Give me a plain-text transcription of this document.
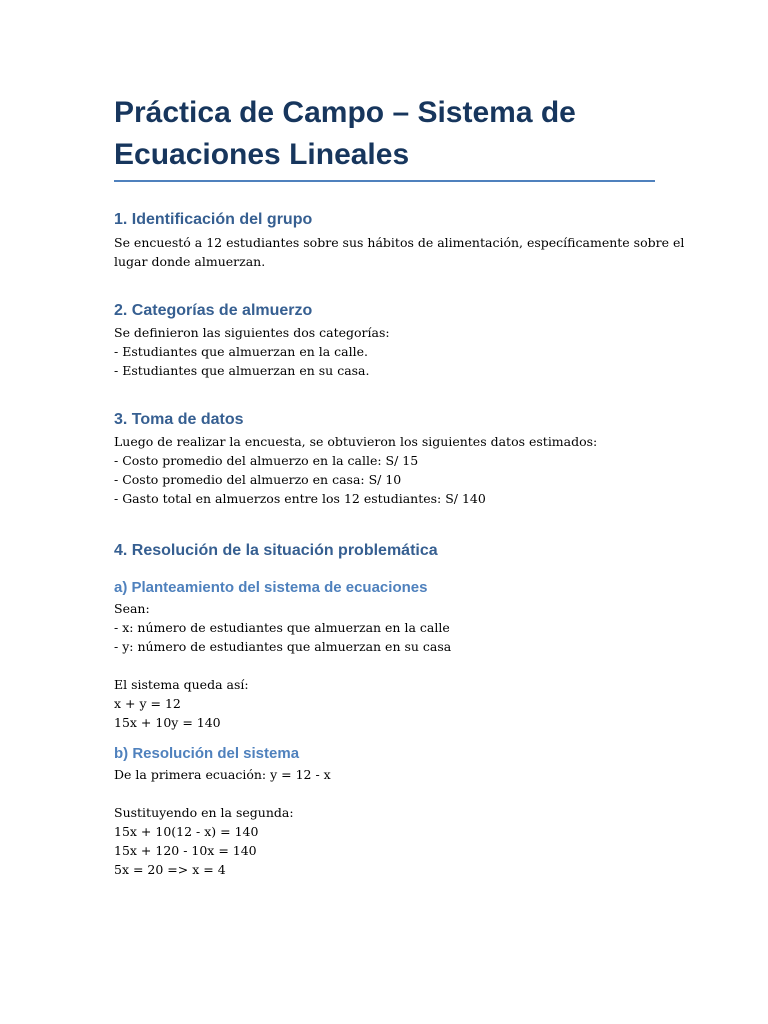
Práctica de Campo – Sistema de
Ecuaciones Lineales
1. Identificación del grupo

Se encuestó a 12 estudiantes sobre sus hábitos de alimentación, específicamente sobre el
lugar donde almuerzan.

2. Categorías de almuerzo

Se definieron las siguientes dos categorías:
- Estudiantes que almuerzan en la calle.
- Estudiantes que almuerzan en su casa.

3. Toma de datos

Luego de realizar la encuesta, se obtuvieron los siguientes datos estimados:
- Costo promedio del almuerzo en la calle: S/ 15
- Costo promedio del almuerzo en casa: S/ 10
- Gasto total en almuerzos entre los 12 estudiantes: S/ 140

4. Resolución de la situación problemática
a) Planteamiento del sistema de ecuaciones

Sean:
- x: número de estudiantes que almuerzan en la calle
- y: número de estudiantes que almuerzan en su casa
El sistema queda así:
x + y = 12
15x + 10y = 140

b) Resolución del sistema

De la primera ecuación: y = 12 - x
Sustituyendo en la segunda:
15x + 10(12 - x) = 140
15x + 120 - 10x = 140
5x = 20 => x = 4
